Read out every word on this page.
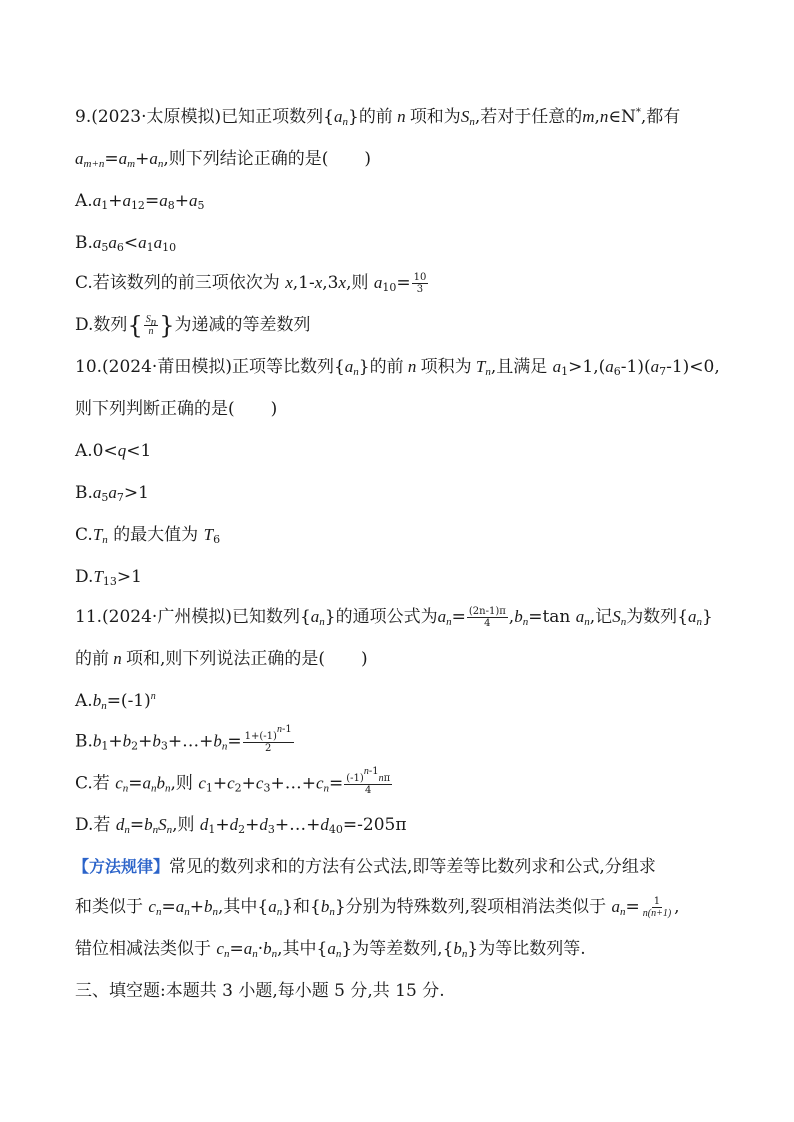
9.(2023·太原模拟)已知正项数列$\{a_n\}$的前 n 项和为$S_n$,若对于任意的m,n∈N*,都有
$a_{m+n}=a_m+a_n$,则下列结论正确的是( )
$A.a_1+a_{12}=a_8+a_5$
$B.a_5a_6<a_1a_{10}$
C.若该数列的前三项依次为 x,1-x,3x,则 $a_{10}= \frac{10}{3}$
D.数列{ $\frac{S_n}{n}$ }为递减的等差数列
10.(2024·莆田模拟)正项等比数列$\{a_n\}$的前 n 项积为 $T_n$,且满足 $a_1>1,(a_6-1)(a_7-1)<0$,
则下列判断正确的是( )
A.0<q<1
$B.a_5a_7>1$
$C.T_n$ 的最大值为 $T_6$
$D.T_{13}>1$
11.(2024·广州模拟)已知数列$\{a_n\}$的通项公式为$a_n= \frac{(2n-1)\pi}{4} ,b_n=\tan$ $a_n$,记$S_n$为数列$\{a_n\}$
的前 n 项和,则下列说法正确的是( )
$A.b_n=(-1)^n$
$B.b_1+b_2+b_3+\dots+b_n= \frac{1+(-1)^{n-1}}{2}$
C.若 $c_n=a_nb_n$,则 $c_1+c_2+c_3+\dots+c_n= \frac{(-1)^{n-1}n\pi}{4}$
D.若 $d_n=b_nS_n$,则 $d_1+d_2+d_3+\dots+d_{40}=-205\pi$
【方法规律】常见的数列求和的方法有公式法,即等差等比数列求和公式,分组求
和类似于 $c_n=a_n+b_n$,其中$\{a_n\}$和$\{b_n\}$分别为特殊数列,裂项相消法类似于 $a_n= \frac{1}{n(n+1)}$ ,
错位相减法类似于 $c_n=a_n\cdot b_n$,其中$\{a_n\}$为等差数列$,\{b_n\}$为等比数列等.
三、填空题:本题共 3 小题,每小题 5 分,共 15 分.
